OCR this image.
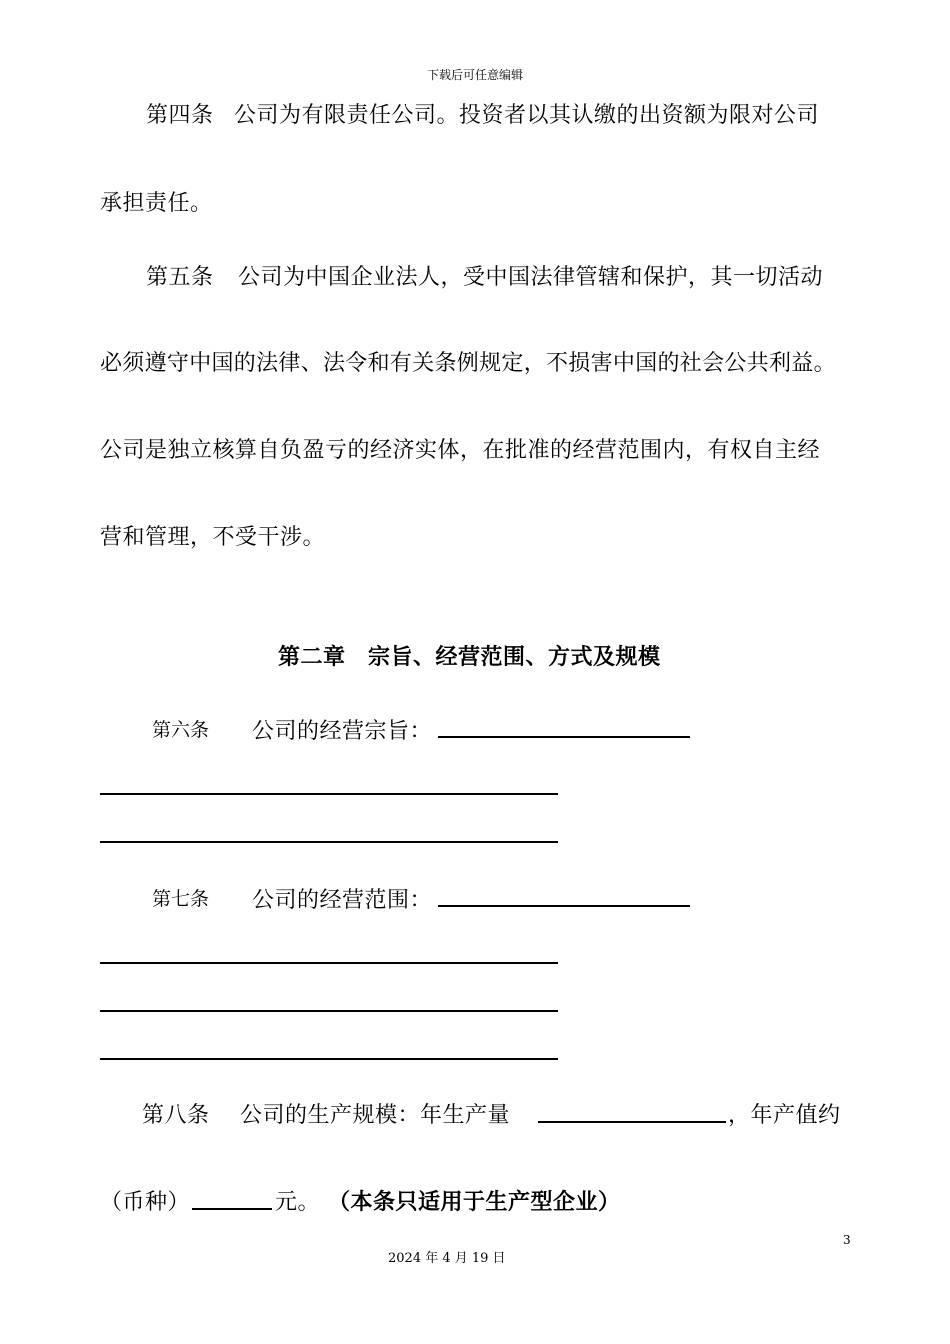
下载后可任意编辑
第四条 公司为有限责任公司。投资者以其认缴的出资额为限对公司
承担责任。
第五条 公司为中国企业法人，受中国法律管辖和保护，其一切活动
必须遵守中国的法律、法令和有关条例规定，不损害中国的社会公共利益。
公司是独立核算自负盈亏的经济实体，在批准的经营范围内，有权自主经
营和管理，不受干涉。
第二章　宗旨、经营范围、方式及规模
第六条 公司的经营宗旨：
第七条 公司的经营范围：
第八条 公司的生产规模：年生产量	，年产值约
（币种）	元。 （本条只适用于生产型企业）
3
2024 年 4 月 19 日
